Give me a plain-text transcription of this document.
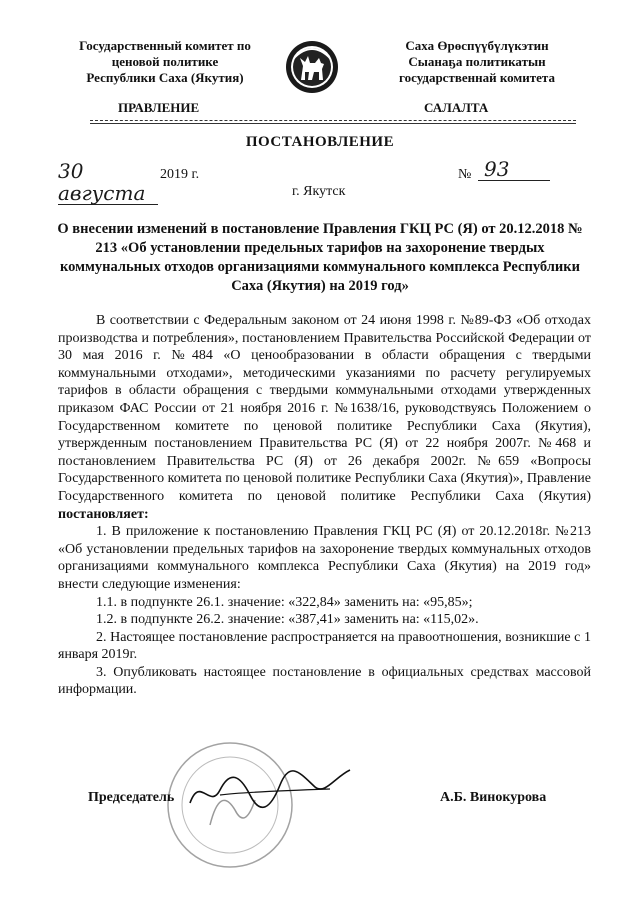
Государственный комитет по
ценовой политике
Республики Саха (Якутия)
Саха Өрөспүүбүлүкэтин
Сыанаҕа политикатын
государственнай комитета
ПРАВЛЕНИЕ	САЛАЛТА
ПОСТАНОВЛЕНИЕ
30 августа
2019 г.	№ 93
г. Якутск
О внесении изменений в постановление Правления ГКЦ РС (Я) от 20.12.2018 № 213 «Об установлении предельных тарифов на захоронение твердых коммунальных отходов организациями коммунального комплекса Республики Саха (Якутия) на 2019 год»

В соответствии с Федеральным законом от 24 июня 1998 г. №89-ФЗ «Об отходах производства и потребления», постановлением Правительства Российской Федерации от 30 мая 2016 г. №484 «О ценообразовании в области обращения с твердыми коммунальными отходами», методическими указаниями по расчету регулируемых тарифов в области обращения с твердыми коммунальными отходами утвержденных приказом ФАС России от 21 ноября 2016 г. №1638/16, руководствуясь Положением о Государственном комитете по ценовой политике Республики Саха (Якутия), утвержденным постановлением Правительства РС (Я) от 22 ноября 2007г. №468 и постановлением Правительства РС (Я) от 26 декабря 2002г. №659 «Вопросы Государственного комитета по ценовой политике Республики Саха (Якутия)», Правление Государственного комитета по ценовой политике Республики Саха (Якутия) постановляет:

1. В приложение к постановлению Правления ГКЦ РС (Я) от 20.12.2018г. №213 «Об установлении предельных тарифов на захоронение твердых коммунальных отходов организациями коммунального комплекса Республики Саха (Якутия) на 2019 год» внести следующие изменения:

1.1. в подпункте 26.1. значение: «322,84» заменить на: «95,85»;

1.2. в подпункте 26.2. значение: «387,41» заменить на: «115,02».

2. Настоящее постановление распространяется на правоотношения, возникшие с 1 января 2019г.

3. Опубликовать настоящее постановление в официальных средствах массовой информации.

Председатель	А.Б. Винокурова
